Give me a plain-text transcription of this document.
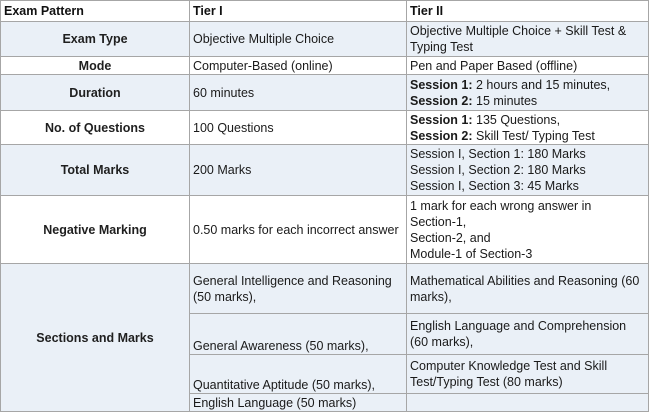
Exam Pattern	Tier I	Tier II
Exam Type	Objective Multiple Choice	Objective Multiple Choice + Skill Test & Typing Test
Mode	Computer-Based (online)	Pen and Paper Based (offline)
Duration	60 minutes	Session 1: 2 hours and 15 minutes,
Session 2: 15 minutes

No. of Questions	100 Questions	Session 1: 135 Questions,
Session 2: Skill Test/ Typing Test

Total Marks	200 Marks	Session I, Section 1: 180 Marks
Session I, Section 2: 180 Marks
Session I, Section 3: 45 Marks

Negative Marking	0.50 marks for each incorrect answer	1 mark for each wrong answer in
Section-1,
Section-2, and
Module-1 of Section-3

Sections and Marks	General Intelligence and Reasoning (50 marks),	Mathematical Abilities and Reasoning (60 marks),
	General Awareness (50 marks),	English Language and Comprehension (60 marks),
	Quantitative Aptitude (50 marks),	Computer Knowledge Test and Skill Test/Typing Test (80 marks)
	English Language (50 marks)	
